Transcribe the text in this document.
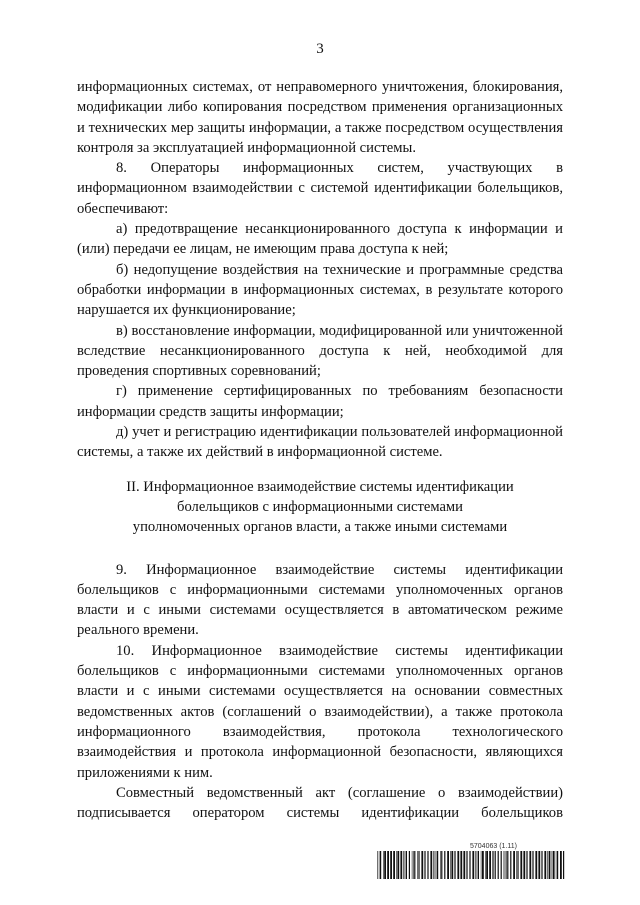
3

информационных системах, от неправомерного уничтожения, блокирования, модификации либо копирования посредством применения организационных и технических мер защиты информации, а также посредством осуществления контроля за эксплуатацией информационной системы.

8. Операторы информационных систем, участвующих в информационном взаимодействии с системой идентификации болельщиков, обеспечивают:

а) предотвращение несанкционированного доступа к информации и (или) передачи ее лицам, не имеющим права доступа к ней;

б) недопущение воздействия на технические и программные средства обработки информации в информационных системах, в результате которого нарушается их функционирование;

в) восстановление информации, модифицированной или уничтоженной вследствие несанкционированного доступа к ней, необходимой для проведения спортивных соревнований;

г) применение сертифицированных по требованиям безопасности информации средств защиты информации;

д) учет и регистрацию идентификации пользователей информационной системы, а также их действий в информационной системе.

II. Информационное взаимодействие системы идентификации

болельщиков с информационными системами

уполномоченных органов власти, а также иными системами

9. Информационное взаимодействие системы идентификации болельщиков с информационными системами уполномоченных органов власти и с иными системами осуществляется в автоматическом режиме реального времени.

10. Информационное взаимодействие системы идентификации болельщиков с информационными системами уполномоченных органов власти и с иными системами осуществляется на основании совместных ведомственных актов (соглашений о взаимодействии), а также протокола информационного взаимодействия, протокола технологического взаимодействия и протокола информационной безопасности, являющихся приложениями к ним.

Совместный ведомственный акт (соглашение о взаимодействии) подписывается оператором системы идентификации болельщиков

5704063 (1.11)
